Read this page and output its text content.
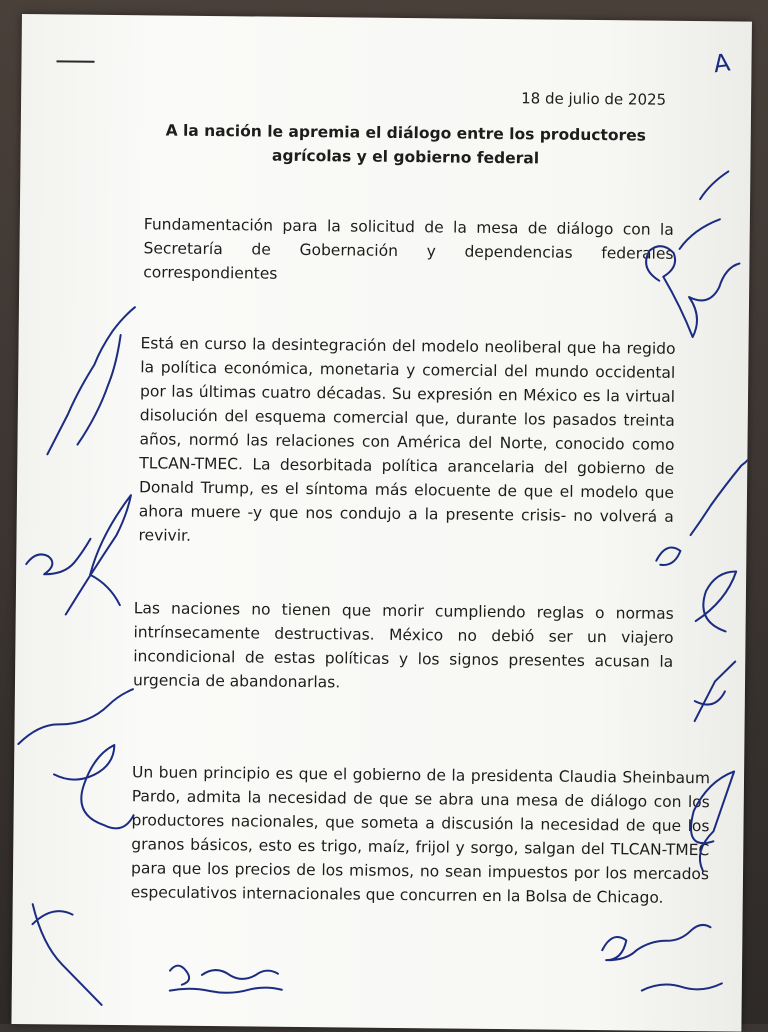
A
18 de julio de 2025
A la nación le apremia el diálogo entre los productores agrícolas y el gobierno federal
Fundamentación para la solicitud de la mesa de diálogo con la Secretaría de Gobernación y dependencias federales correspondientes
Está en curso la desintegración del modelo neoliberal que ha regido la política económica, monetaria y comercial del mundo occidental por las últimas cuatro décadas. Su expresión en México es la virtual disolución del esquema comercial que, durante los pasados treinta años, normó las relaciones con América del Norte, conocido como TLCAN-TMEC. La desorbitada política arancelaria del gobierno de Donald Trump, es el síntoma más elocuente de que el modelo que ahora muere -y que nos condujo a la presente crisis- no volverá a revivir.
Las naciones no tienen que morir cumpliendo reglas o normas intrínsecamente destructivas. México no debió ser un viajero incondicional de estas políticas y los signos presentes acusan la urgencia de abandonarlas.
Un buen principio es que el gobierno de la presidenta Claudia Sheinbaum Pardo, admita la necesidad de que se abra una mesa de diálogo con los productores nacionales, que someta a discusión la necesidad de que los granos básicos, esto es trigo, maíz, frijol y sorgo, salgan del TLCAN-TMEC para que los precios de los mismos, no sean impuestos por los mercados especulativos internacionales que concurren en la Bolsa de Chicago.
